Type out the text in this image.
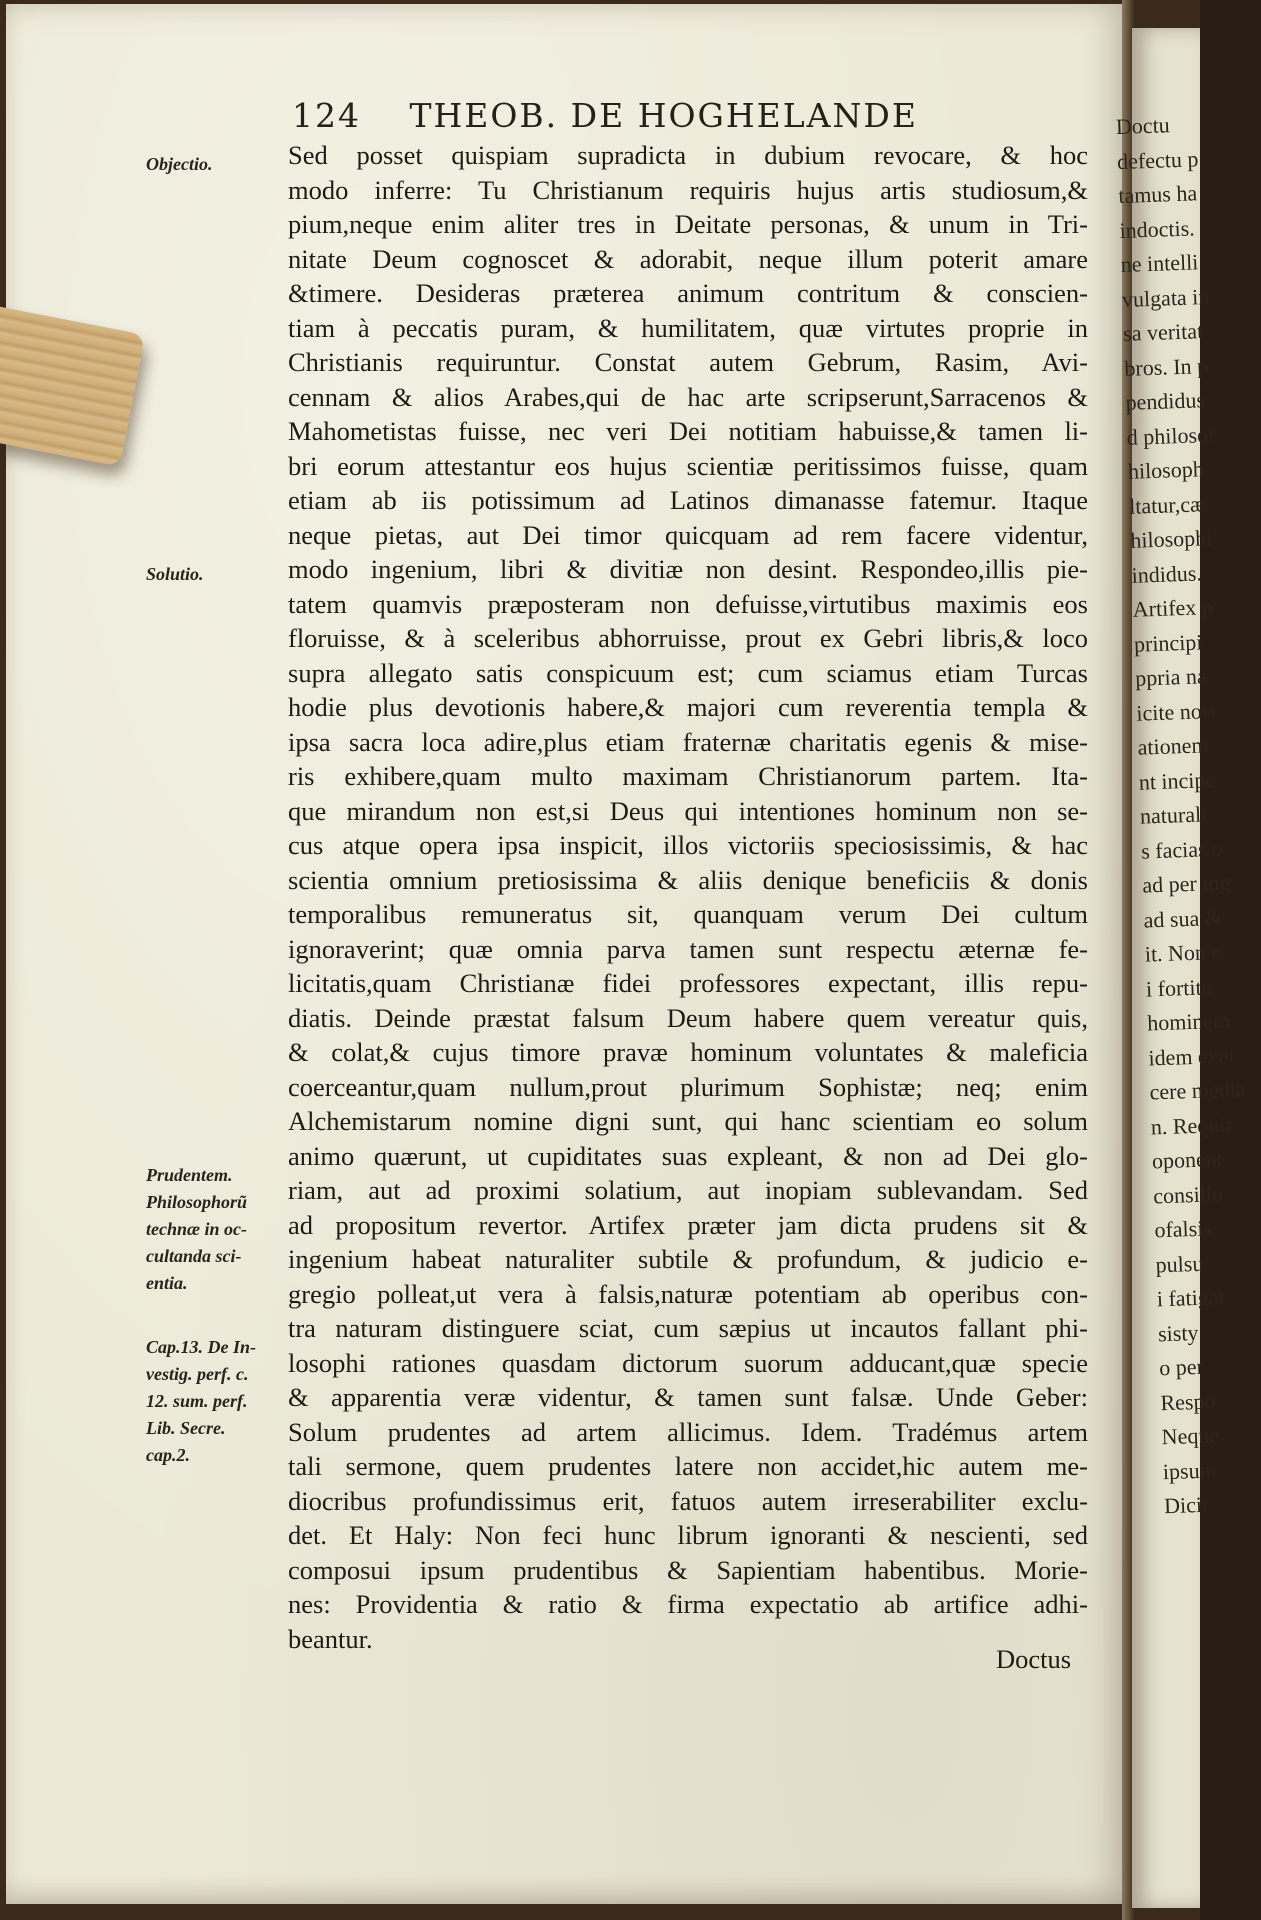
124 THEOB. DE HOGHELANDE
Objectio.
Solutio.
Prudentem.
Philosophorũ
technæ in oc-
cultanda sci-
entia.
Cap.13. De In-
vestig. perf. c.
12. sum. perf.
Lib. Secre.
cap.2.
Sed posset quispiam supradicta in dubium revocare, & hoc
modo inferre: Tu Christianum requiris hujus artis studiosum,&
pium,neque enim aliter tres in Deitate personas, & unum in Tri-
nitate Deum cognoscet & adorabit, neque illum poterit amare
&timere. Desideras præterea animum contritum & conscien-
tiam à peccatis puram, & humilitatem, quæ virtutes proprie in
Christianis requiruntur. Constat autem Gebrum, Rasim, Avi-
cennam & alios Arabes,qui de hac arte scripserunt,Sarracenos &
Mahometistas fuisse, nec veri Dei notitiam habuisse,& tamen li-
bri eorum attestantur eos hujus scientiæ peritissimos fuisse, quam
etiam ab iis potissimum ad Latinos dimanasse fatemur. Itaque
neque pietas, aut Dei timor quicquam ad rem facere videntur,
modo ingenium, libri & divitiæ non desint. Respondeo,illis pie-
tatem quamvis præposteram non defuisse,virtutibus maximis eos
floruisse, & à sceleribus abhorruisse, prout ex Gebri libris,& loco
supra allegato satis conspicuum est; cum sciamus etiam Turcas
hodie plus devotionis habere,& majori cum reverentia templa &
ipsa sacra loca adire,plus etiam fraternæ charitatis egenis & mise-
ris exhibere,quam multo maximam Christianorum partem. Ita-
que mirandum non est,si Deus qui intentiones hominum non se-
cus atque opera ipsa inspicit, illos victoriis speciosissimis, & hac
scientia omnium pretiosissima & aliis denique beneficiis & donis
temporalibus remuneratus sit, quanquam verum Dei cultum
ignoraverint; quæ omnia parva tamen sunt respectu æternæ fe-
licitatis,quam Christianæ fidei professores expectant, illis repu-
diatis. Deinde præstat falsum Deum habere quem vereatur quis,
& colat,& cujus timore pravæ hominum voluntates & maleficia
coerceantur,quam nullum,prout plurimum Sophistæ; neq; enim
Alchemistarum nomine digni sunt, qui hanc scientiam eo solum
animo quærunt, ut cupiditates suas expleant, & non ad Dei glo-
riam, aut ad proximi solatium, aut inopiam sublevandam. Sed
ad propositum revertor. Artifex præter jam dicta prudens sit &
ingenium habeat naturaliter subtile & profundum, & judicio e-
gregio polleat,ut vera à falsis,naturæ potentiam ab operibus con-
tra naturam distinguere sciat, cum sæpius ut incautos fallant phi-
losophi rationes quasdam dictorum suorum adducant,quæ specie
& apparentia veræ videntur, & tamen sunt falsæ. Unde Geber:
Solum prudentes ad artem allicimus. Idem. Tradémus artem
tali sermone, quem prudentes latere non accidet,hic autem me-
diocribus profundissimus erit, fatuos autem irreserabiliter exclu-
det. Et Haly: Non feci hunc librum ignoranti & nescienti, sed
composui ipsum prudentibus & Sapientiam habentibus. Morie-
nes: Providentia & ratio & firma expectatio ab artifice adhi-
beantur.
Doctus
Doctu
defectu p
tamus ha
indoctis.
ne intelli
vulgata in
sa veritat
bros. In p
pendidus
d philosof
hilosoph
ltatur,cæ
hilosophi
indidus.
Artifex p
principi
ppria na
icite nost
ationem
nt incipe
naturali
s facias o
ad per ing
ad sua &
it. Non e
i fortitu
hominem
idem exer
cere media
n. Requir
oponent
consilio
ofalsis
pulsu
i fatigat
sisty
o per
Respo
Neque
ipsum
Dicit
